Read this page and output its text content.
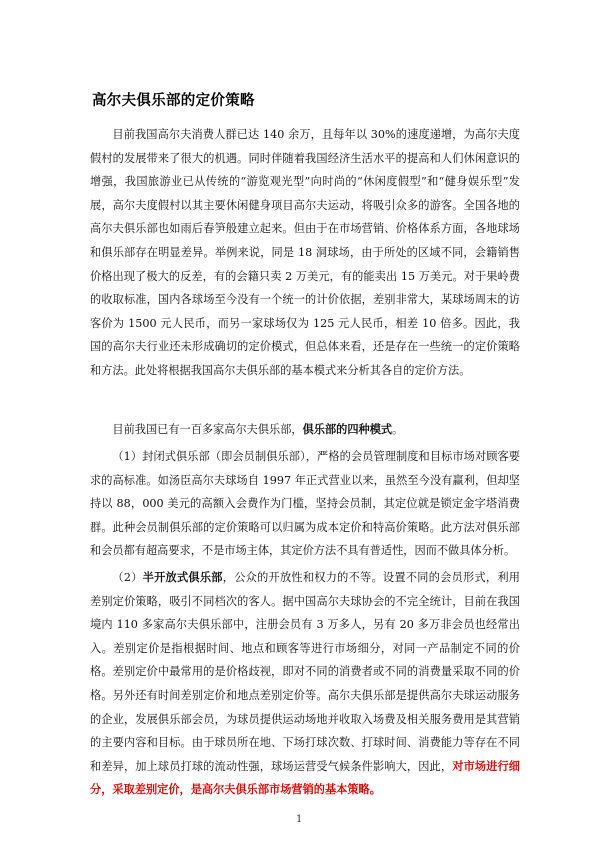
高尔夫俱乐部的定价策略

目前我国高尔夫消费人群已达 140 余万，且每年以 30%的速度递增，为高尔夫度假村的发展带来了很大的机遇。同时伴随着我国经济生活水平的提高和人们休闲意识的增强，我国旅游业已从传统的“游览观光型”向时尚的“休闲度假型”和“健身娱乐型”发展，高尔夫度假村以其主要休闲健身项目高尔夫运动，将吸引众多的游客。全国各地的高尔夫俱乐部也如雨后春笋般建立起来。但由于在市场营销、价格体系方面，各地球场和俱乐部存在明显差异。举例来说，同是 18 洞球场，由于所处的区域不同，会籍销售价格出现了极大的反差，有的会籍只卖 2 万美元，有的能卖出 15 万美元。对于果岭费的收取标准，国内各球场至今没有一个统一的计价依据，差别非常大，某球场周末的访客价为 1500 元人民币，而另一家球场仅为 125 元人民币，相差 10 倍多。因此，我国的高尔夫行业还未形成确切的定价模式，但总体来看，还是存在一些统一的定价策略和方法。此处将根据我国高尔夫俱乐部的基本模式来分析其各自的定价方法。

目前我国已有一百多家高尔夫俱乐部，俱乐部的四种模式。

（1）封闭式俱乐部（即会员制俱乐部），严格的会员管理制度和目标市场对顾客要求的高标准。如汤臣高尔夫球场自 1997 年正式营业以来，虽然至今没有赢利，但却坚持以 88，000 美元的高额入会费作为门槛，坚持会员制，其定位就是锁定金字塔消费群。此种会员制俱乐部的定价策略可以归属为成本定价和特高价策略。此方法对俱乐部和会员都有超高要求，不是市场主体，其定价方法不具有普适性，因而不做具体分析。

（2）半开放式俱乐部，公众的开放性和权力的不等。设置不同的会员形式，利用差别定价策略，吸引不同档次的客人。据中国高尔夫球协会的不完全统计，目前在我国境内 110 多家高尔夫俱乐部中，注册会员有 3 万多人，另有 20 多万非会员也经常出入。差别定价是指根据时间、地点和顾客等进行市场细分，对同一产品制定不同的价格。差别定价中最常用的是价格歧视，即对不同的消费者或不同的消费量采取不同的价格。另外还有时间差别定价和地点差别定价等。高尔夫俱乐部是提供高尔夫球运动服务的企业，发展俱乐部会员，为球员提供运动场地并收取入场费及相关服务费用是其营销的主要内容和目标。由于球员所在地、下场打球次数、打球时间、消费能力等存在不同和差异，加上球员打球的流动性强，球场运营受气候条件影响大，因此，对市场进行细分，采取差别定价，是高尔夫俱乐部市场营销的基本策略。

1
